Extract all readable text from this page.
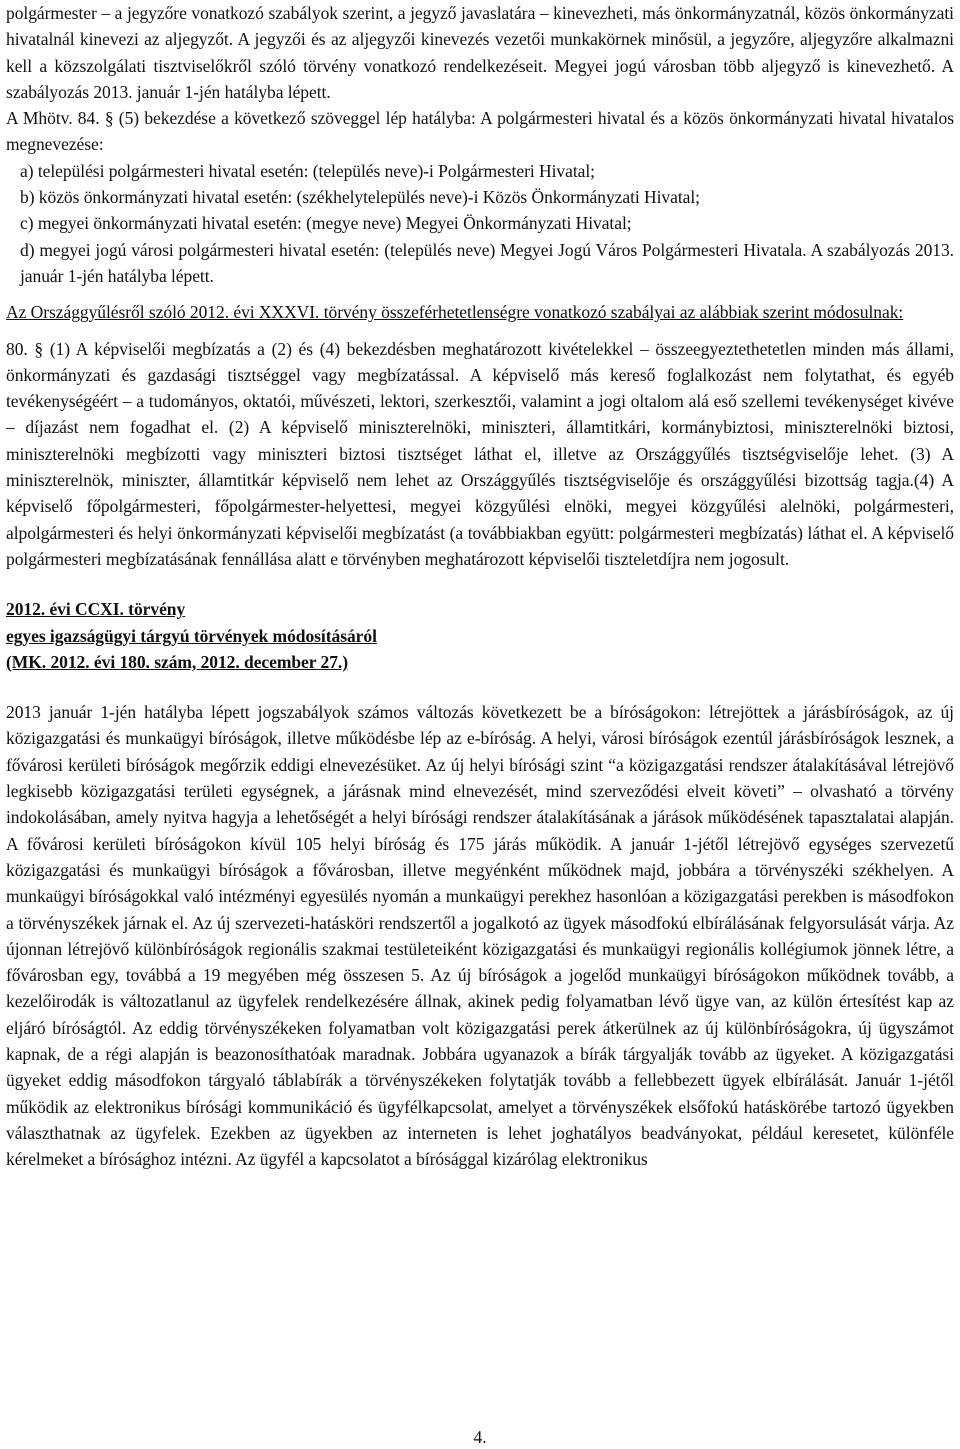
polgármester – a jegyzőre vonatkozó szabályok szerint, a jegyző javaslatára – kinevezheti, más önkormányzatnál, közös önkormányzati hivatalnál kinevezi az aljegyzőt. A jegyzői és az aljegyzői kinevezés vezetői munkakörnek minősül, a jegyzőre, aljegyzőre alkalmazni kell a közszolgálati tisztviselőkről szóló törvény vonatkozó rendelkezéseit. Megyei jogú városban több aljegyző is kinevezhető. A szabályozás 2013. január 1-jén hatályba lépett.

A Mhötv. 84. § (5) bekezdése a következő szöveggel lép hatályba: A polgármesteri hivatal és a közös önkormányzati hivatal hivatalos megnevezése:

a) települési polgármesteri hivatal esetén: (település neve)-i Polgármesteri Hivatal;

b) közös önkormányzati hivatal esetén: (székhelytelepülés neve)-i Közös Önkormányzati Hivatal;

c) megyei önkormányzati hivatal esetén: (megye neve) Megyei Önkormányzati Hivatal;

d) megyei jogú városi polgármesteri hivatal esetén: (település neve) Megyei Jogú Város Polgármesteri Hivatala. A szabályozás 2013. január 1-jén hatályba lépett.

Az Országgyűlésről szóló 2012. évi XXXVI. törvény összeférhetetlenségre vonatkozó szabályai az alábbiak szerint módosulnak:

80. § (1) A képviselői megbízatás a (2) és (4) bekezdésben meghatározott kivételekkel – összeegyeztethetetlen minden más állami, önkormányzati és gazdasági tisztséggel vagy megbízatással. A képviselő más kereső foglalkozást nem folytathat, és egyéb tevékenységéért – a tudományos, oktatói, művészeti, lektori, szerkesztői, valamint a jogi oltalom alá eső szellemi tevékenységet kivéve – díjazást nem fogadhat el. (2) A képviselő miniszterelnöki, miniszteri, államtitkári, kormánybiztosi, miniszterelnöki biztosi, miniszterelnöki megbízotti vagy miniszteri biztosi tisztséget láthat el, illetve az Országgyűlés tisztségviselője lehet. (3) A miniszterelnök, miniszter, államtitkár képviselő nem lehet az Országgyűlés tisztségviselője és országgyűlési bizottság tagja.(4) A képviselő főpolgármesteri, főpolgármester-helyettesi, megyei közgyűlési elnöki, megyei közgyűlési alelnöki, polgármesteri, alpolgármesteri és helyi önkormányzati képviselői megbízatást (a továbbiakban együtt: polgármesteri megbízatás) láthat el. A képviselő polgármesteri megbízatásának fennállása alatt e törvényben meghatározott képviselői tiszteletdíjra nem jogosult.

2012. évi CCXI. törvény

egyes igazságügyi tárgyú törvények módosításáról

(MK. 2012. évi 180. szám, 2012. december 27.)

2013 január 1-jén hatályba lépett jogszabályok számos változás következett be a bíróságokon: létrejöttek a járásbíróságok, az új közigazgatási és munkaügyi bíróságok, illetve működésbe lép az e-bíróság. A helyi, városi bíróságok ezentúl járásbíróságok lesznek, a fővárosi kerületi bíróságok megőrzik eddigi elnevezésüket. Az új helyi bírósági szint “a közigazgatási rendszer átalakításával létrejövő legkisebb közigazgatási területi egységnek, a járásnak mind elnevezését, mind szerveződési elveit követi” – olvasható a törvény indokolásában, amely nyitva hagyja a lehetőségét a helyi bírósági rendszer átalakításának a járások működésének tapasztalatai alapján. A fővárosi kerületi bíróságokon kívül 105 helyi bíróság és 175 járás működik. A január 1-jétől létrejövő egységes szervezetű közigazgatási és munkaügyi bíróságok a fővárosban, illetve megyénként működnek majd, jobbára a törvényszéki székhelyen. A munkaügyi bíróságokkal való intézményi egyesülés nyomán a munkaügyi perekhez hasonlóan a közigazgatási perekben is másodfokon a törvényszékek járnak el. Az új szervezeti-hatásköri rendszertől a jogalkotó az ügyek másodfokú elbírálásának felgyorsulását várja. Az újonnan létrejövő különbíróságok regionális szakmai testületeiként közigazgatási és munkaügyi regionális kollégiumok jönnek létre, a fővárosban egy, továbbá a 19 megyében még összesen 5. Az új bíróságok a jogelőd munkaügyi bíróságokon működnek tovább, a kezelőirodák is változatlanul az ügyfelek rendelkezésére állnak, akinek pedig folyamatban lévő ügye van, az külön értesítést kap az eljáró bíróságtól. Az eddig törvényszékeken folyamatban volt közigazgatási perek átkerülnek az új különbíróságokra, új ügyszámot kapnak, de a régi alapján is beazonosíthatóak maradnak. Jobbára ugyanazok a bírák tárgyalják tovább az ügyeket. A közigazgatási ügyeket eddig másodfokon tárgyaló táblabírák a törvényszékeken folytatják tovább a fellebbezett ügyek elbírálását. Január 1-jétől működik az elektronikus bírósági kommunikáció és ügyfélkapcsolat, amelyet a törvényszékek elsőfokú hatáskörébe tartozó ügyekben választhatnak az ügyfelek. Ezekben az ügyekben az interneten is lehet joghatályos beadványokat, például keresetet, különféle kérelmeket a bírósághoz intézni. Az ügyfél a kapcsolatot a bírósággal kizárólag elektronikus

4.
